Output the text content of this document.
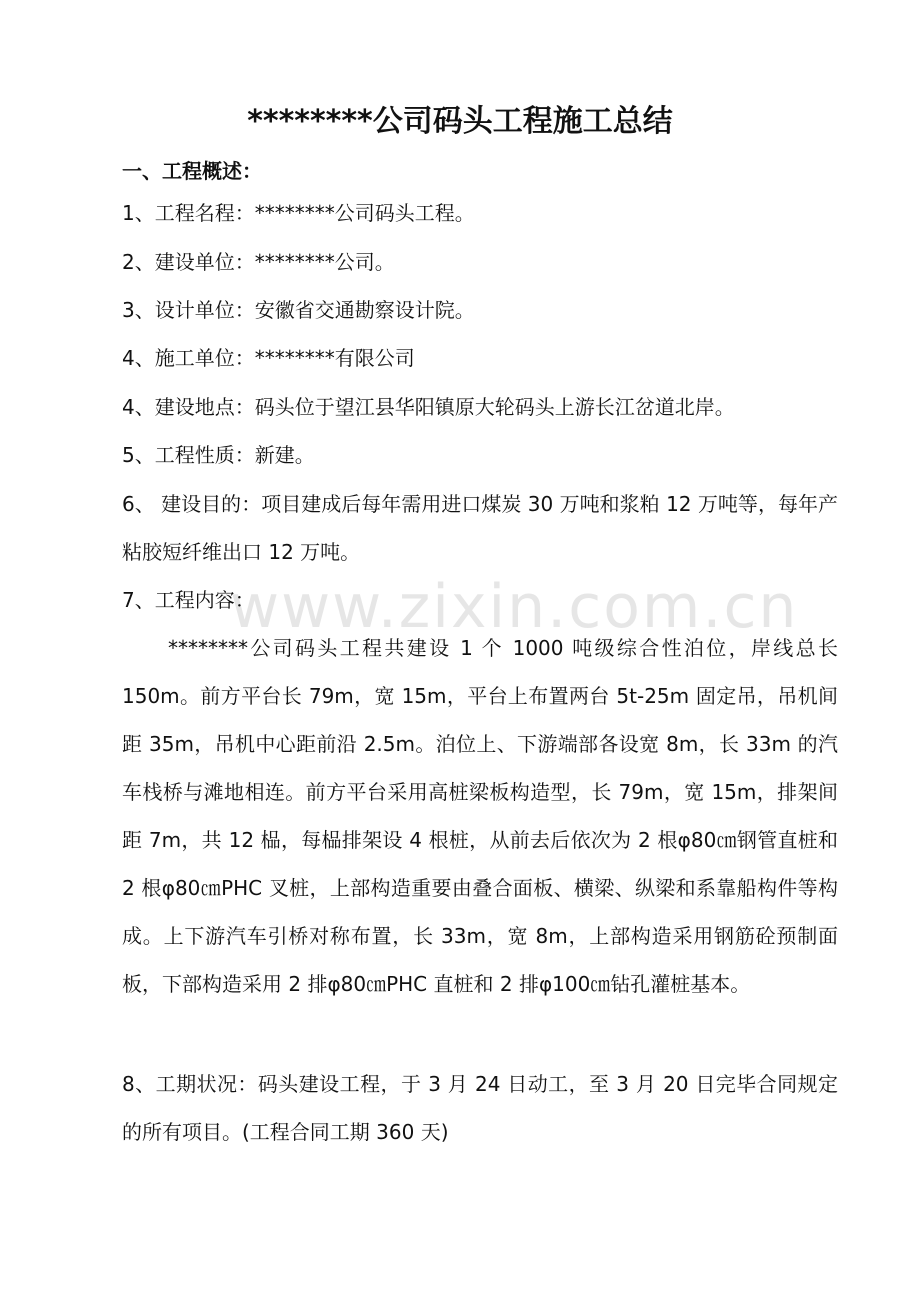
www.zixin.com.cn
********公司码头工程施工总结
一、工程概述：
1、工程名程：********公司码头工程。
2、建设单位：********公司。
3、设计单位：安徽省交通勘察设计院。
4、施工单位：********有限公司
4、建设地点：码头位于望江县华阳镇原大轮码头上游长江岔道北岸。
5、工程性质：新建。
6、 建设目的：项目建成后每年需用进口煤炭 30 万吨和浆粕 12 万吨等，每年产粘胶短纤维出口 12 万吨。
7、工程内容：
********公司码头工程共建设 1 个 1000 吨级综合性泊位，岸线总长 150m。前方平台长 79m，宽 15m，平台上布置两台 5t-25m 固定吊，吊机间距 35m，吊机中心距前沿 2.5m。泊位上、下游端部各设宽 8m，长 33m 的汽车栈桥与滩地相连。前方平台采用高桩梁板构造型，长 79m，宽 15m，排架间距 7m，共 12 榀，每榀排架设 4 根桩，从前去后依次为 2 根φ80㎝钢管直桩和 2 根φ80㎝PHC 叉桩，上部构造重要由叠合面板、横梁、纵梁和系靠船构件等构成。上下游汽车引桥对称布置，长 33m，宽 8m，上部构造采用钢筋砼预制面板，下部构造采用 2 排φ80㎝PHC 直桩和 2 排φ100㎝钻孔灌桩基本。
8、工期状况：码头建设工程，于 3 月 24 日动工，至 3 月 20 日完毕合同规定的所有项目。(工程合同工期 360 天)
